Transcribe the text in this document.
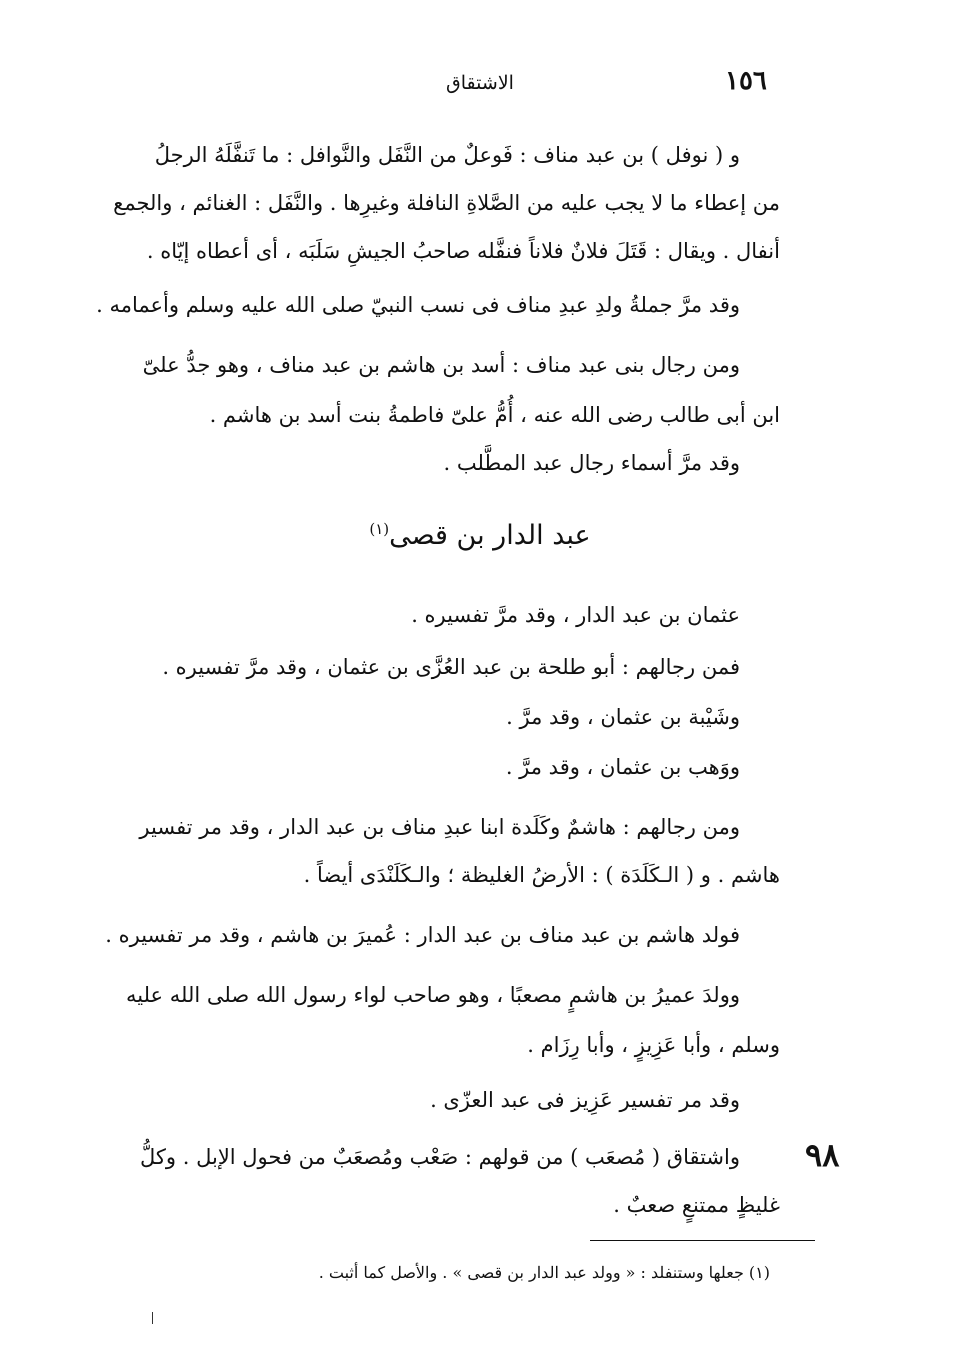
الاشتقاق	١٥٦
و ( نوفل ) بن عبد مناف : فَوعلٌ من النَّفَل والنَّوافل : ما تَنفَّلَهُ الرجلُ
من إعطاء ما لا يجب عليه من الصَّلاةِ النافلة وغيرِها . والنَّفَل : الغنائم ، والجمع
أنفال . ويقال : قَتَلَ فلانٌ فلاناً فنفَّله صاحبُ الجيشِ سَلَبَه ، أى أعطاه إيّاه .
وقد مرَّ جملةُ ولدِ عبدِ مناف فى نسب النبيّ صلى الله عليه وسلم وأعمامه .
ومن رجال بنى عبد مناف : أسد بن هاشم بن عبد مناف ، وهو جدُّ علىّ
ابن أبى طالب رضى الله عنه ، أُمُّ علىّ فاطمةُ بنت أسد بن هاشم .
وقد مرَّ أسماء رجال عبد المطَّلب .
عبد الدار بن قصى$^{(١)}$
عثمان بن عبد الدار ، وقد مرَّ تفسيره .
فمن رجالهم : أبو طلحة بن عبد العُزَّى بن عثمان ، وقد مرَّ تفسيره .
وشَيْبة بن عثمان ، وقد مرَّ .
ووَهب بن عثمان ، وقد مرَّ .
ومن رجالهم : هاشمٌ وكَلَدة ابنا عبدِ مناف بن عبد الدار ، وقد مر تفسير
هاشم . و ( الـكَلَدَة ) : الأرضُ الغليظة ؛ والـكَلَنْدَى أيضاً .
فولد هاشم بن عبد مناف بن عبد الدار : عُميرَ بن هاشم ، وقد مر تفسيره .
وولدَ عميرُ بن هاشمٍ مصعبًا ، وهو صاحب لواء رسول الله صلى الله عليه
وسلم ، وأبا عَزِيزٍ ، وأبا رِزَام .
وقد مر تفسير عَزِيز فى عبد العزّى .
٩٨
واشتقاق ( مُصعَب ) من قولهم : صَعْب ومُصعَبٌ من فحول الإبل . وكلُّ
غليظٍ ممتنعٍ صعبٌ .
(١) جعلها وستنفلد : « وولد عبد الدار بن قصى » . والأصل كما أثبت .
